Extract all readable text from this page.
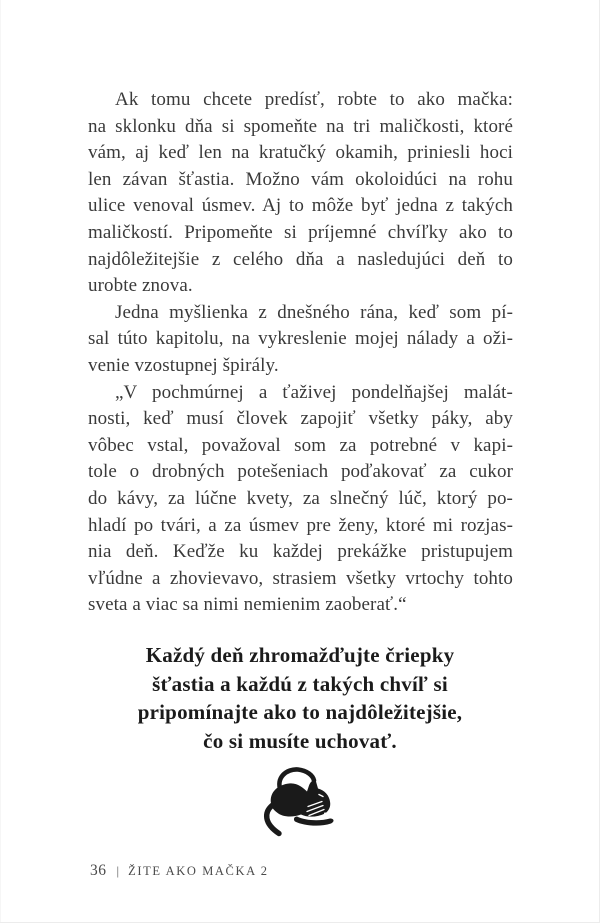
Ak tomu chcete predísť, robte to ako mačka:
na sklonku dňa si spomeňte na tri maličkosti, ktoré
vám, aj keď len na kratučký okamih, priniesli hoci
len závan šťastia. Možno vám okoloidúci na rohu
ulice venoval úsmev. Aj to môže byť jedna z takých
maličkostí. Pripomeňte si príjemné chvíľky ako to
najdôležitejšie z celého dňa a nasledujúci deň to
urobte znova.
Jedna myšlienka z dnešného rána, keď som pí-
sal túto kapitolu, na vykreslenie mojej nálady a oži-
venie vzostupnej špirály.
„V pochmúrnej a ťaživej pondelňajšej malát-
nosti, keď musí človek zapojiť všetky páky, aby
vôbec vstal, považoval som za potrebné v kapi-
tole o drobných potešeniach poďakovať za cukor
do kávy, za lúčne kvety, za slnečný lúč, ktorý po-
hladí po tvári, a za úsmev pre ženy, ktoré mi rozjas-
nia deň. Keďže ku každej prekážke pristupujem
vľúdne a zhovievavo, strasiem všetky vrtochy tohto
sveta a viac sa nimi nemienim zaoberať.“
Každý deň zhromažďujte čriepky
šťastia a každú z takých chvíľ si
pripomínajte ako to najdôležitejšie,
čo si musíte uchovať.
36 | ŽITE AKO MAČKA 2
